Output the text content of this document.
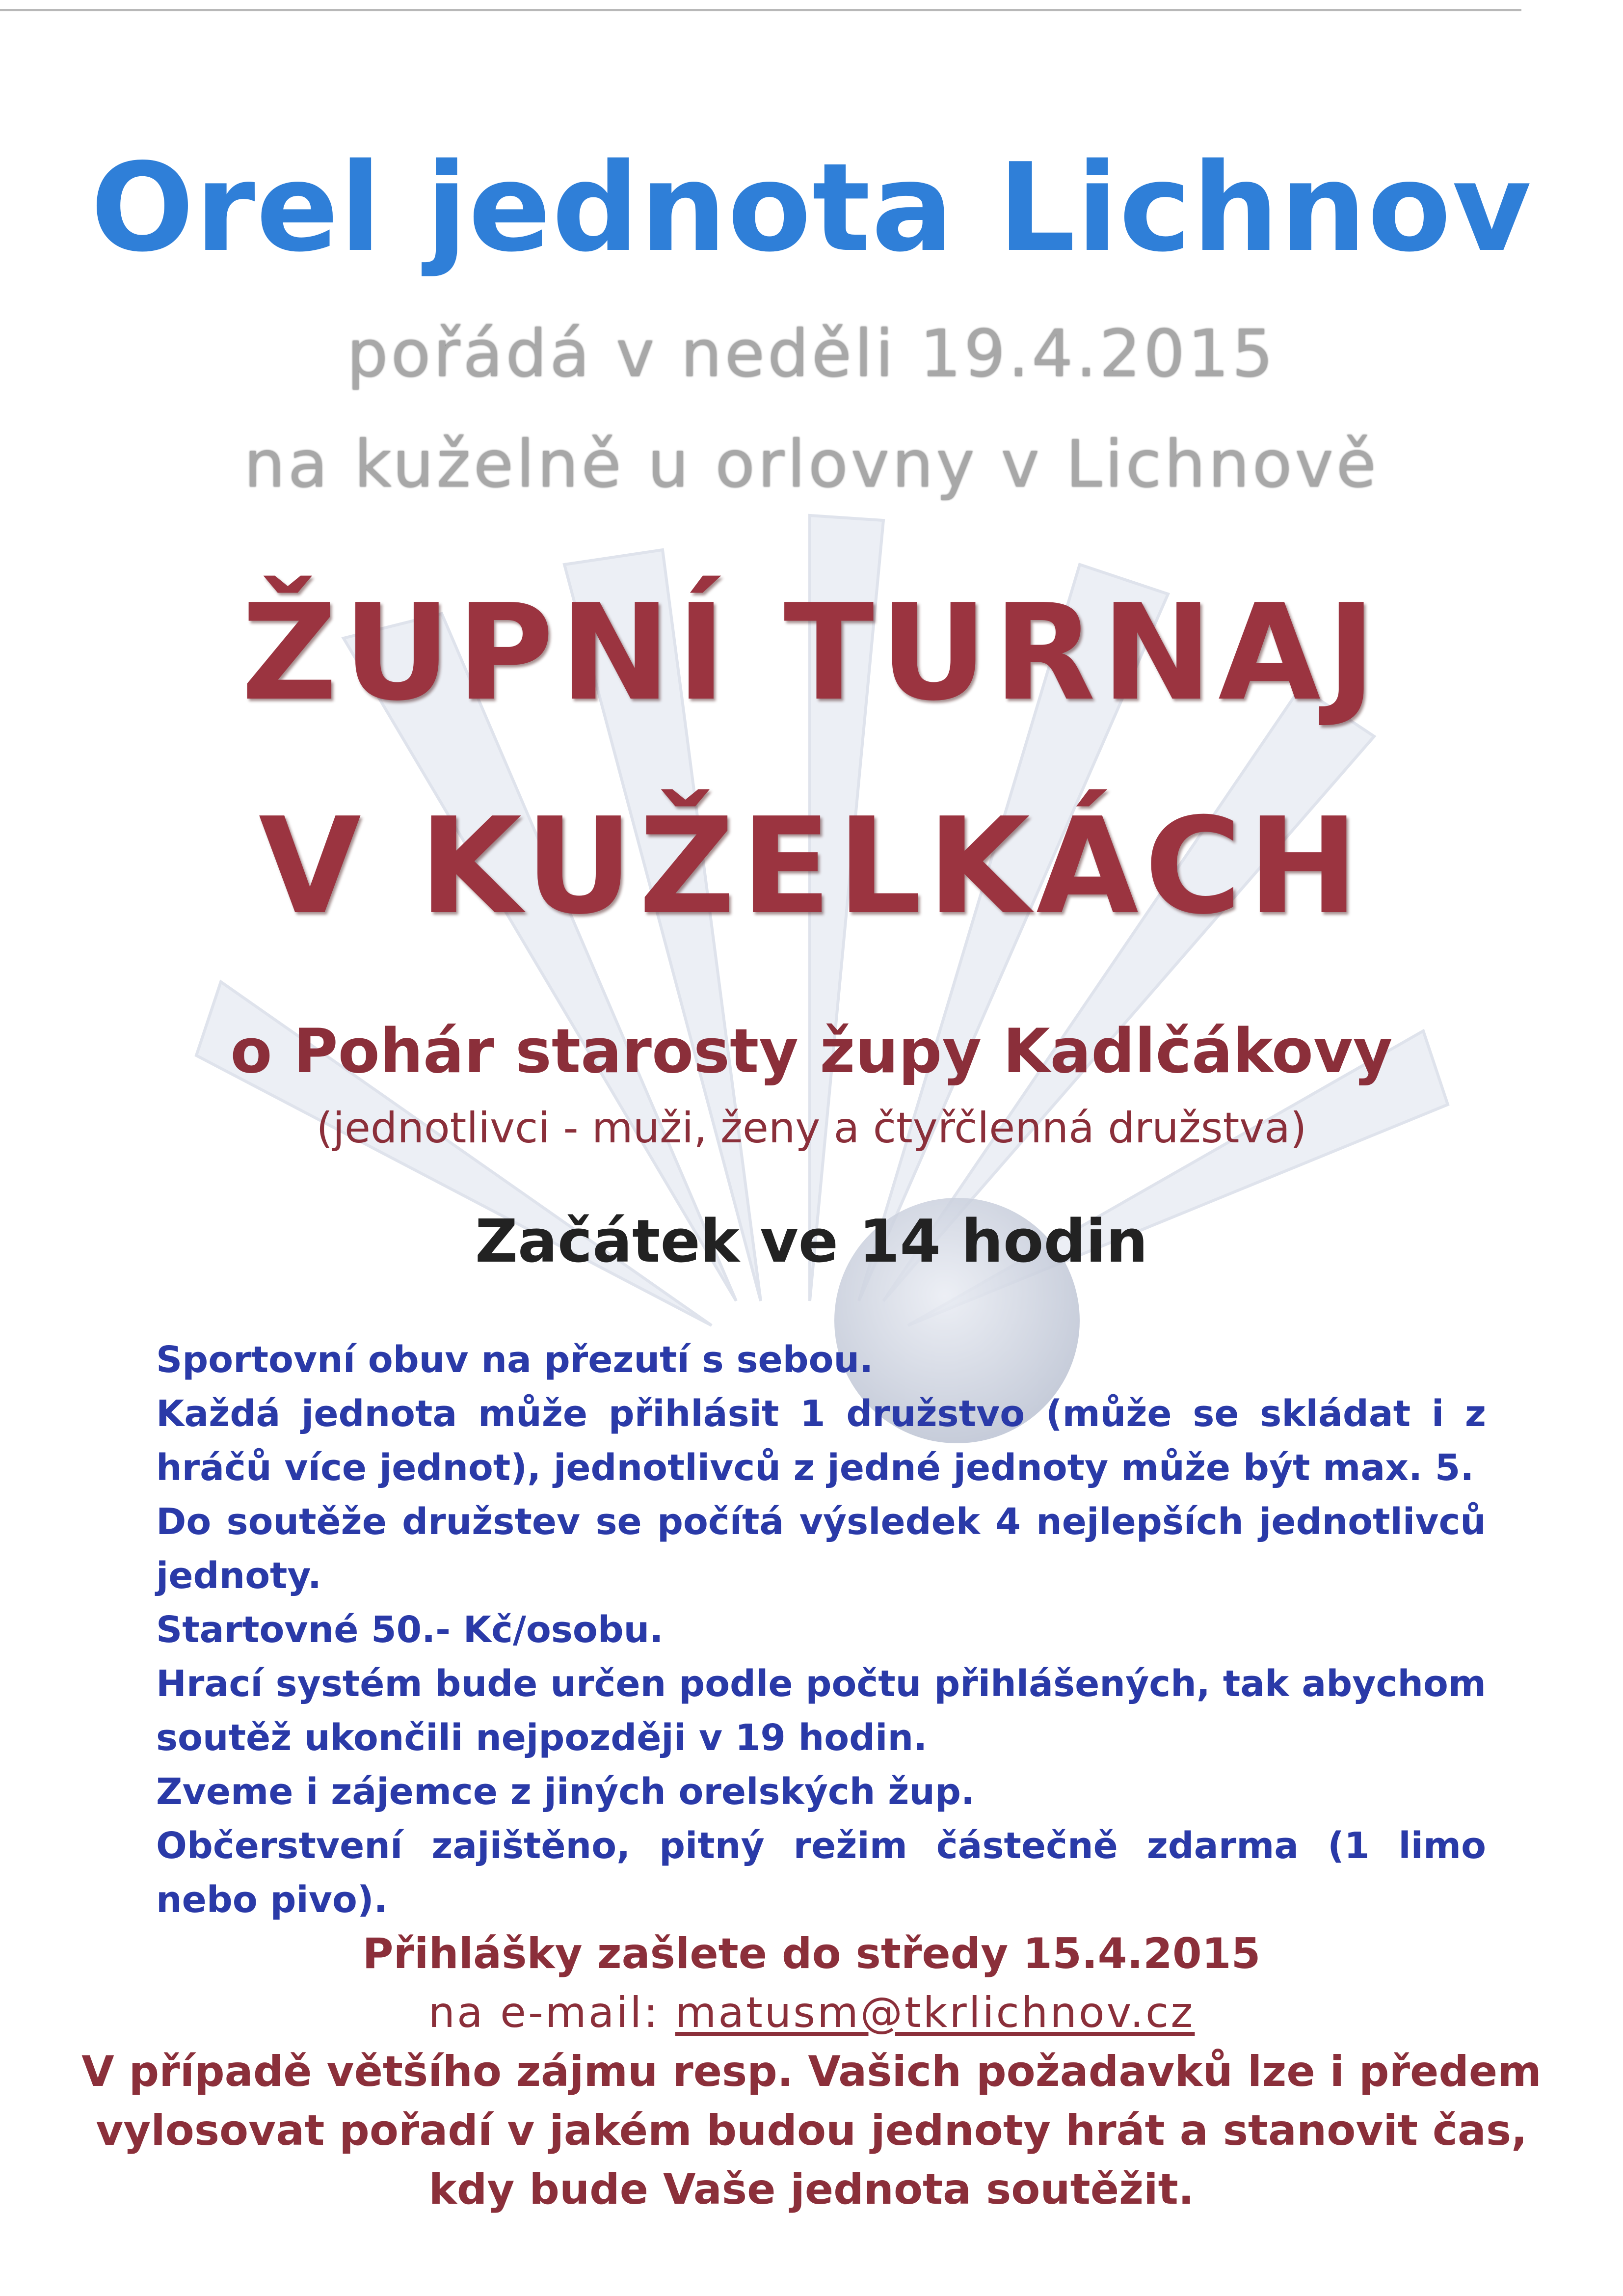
Orel jednota Lichnov
pořádá v neděli 19.4.2015
na kuželně u orlovny v Lichnově
ŽUPNÍ TURNAJ
V KUŽELKÁCH
o Pohár starosty župy Kadlčákovy
(jednotlivci - muži, ženy a čtyřčlenná družstva)
Začátek ve 14 hodin

Sportovní obuv na přezutí s sebou.

Každá jednota může přihlásit 1 družstvo (může se skládat i z hráčů více jednot), jednotlivců z jedné jednoty může být max. 5.

Do soutěže družstev se počítá výsledek 4 nejlepších jednotlivců jednoty.

Startovné 50.- Kč/osobu.

Hrací systém bude určen podle počtu přihlášených, tak abychom soutěž ukončili nejpozději v 19 hodin.

Zveme i zájemce z jiných orelských žup.

Občerstvení zajištěno, pitný režim částečně zdarma (1 limo nebo pivo).

Přihlášky zašlete do středy 15.4.2015

na e-mail: matusm@tkrlichnov.cz

V případě většího zájmu resp. Vašich požadavků lze i předem

vylosovat pořadí v jakém budou jednoty hrát a stanovit čas,

kdy bude Vaše jednota soutěžit.
